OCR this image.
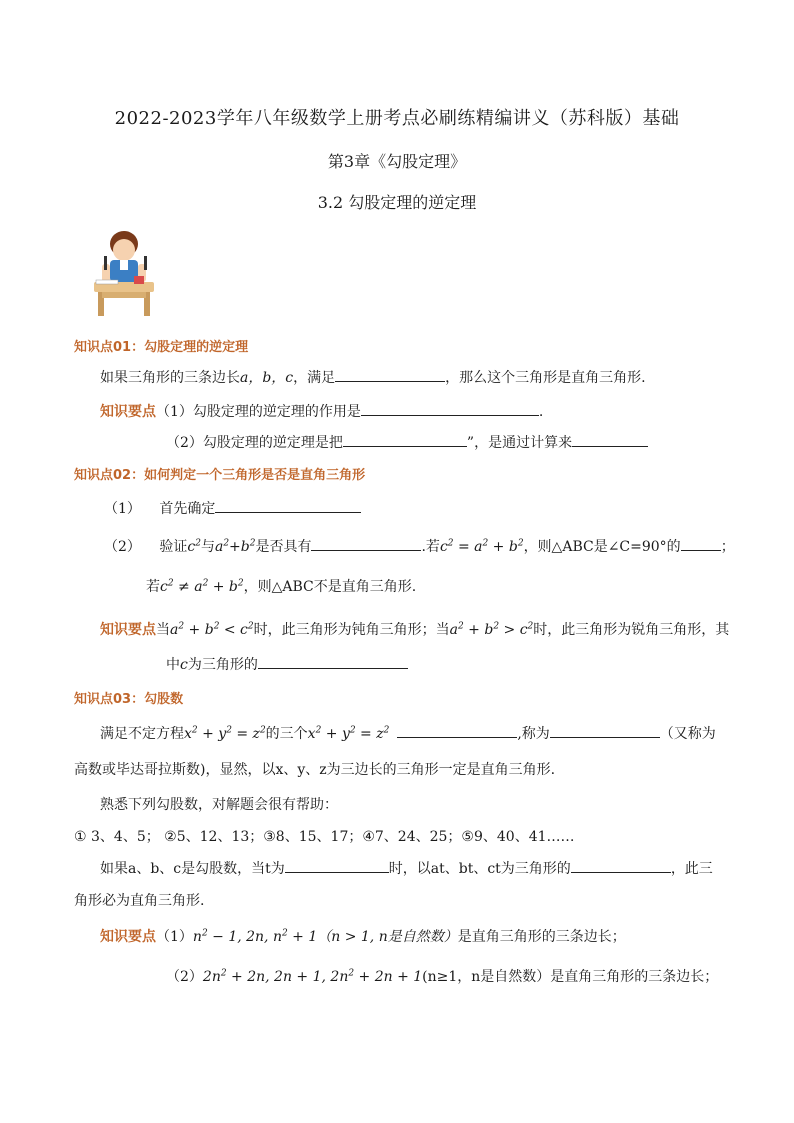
2022-2023学年八年级数学上册考点必刷练精编讲义（苏科版）基础
第3章《勾股定理》
3.2 勾股定理的逆定理
知识点01：勾股定理的逆定理
如果三角形的三条边长a，b，c，满足	，那么这个三角形是直角三角形.
知识要点（1）勾股定理的逆定理的作用是	.
（2）勾股定理的逆定理是把	”，是通过计算来
知识点02：如何判定一个三角形是否是直角三角形
（1） 首先确定
（2） 验证$c^2$与$a^2+b^2$是否具有	.若$c^2 = a^2 + b^2$，则△ABC是∠C=90°的	；
若$c^2 \ne a^2 + b^2$，则△ABC不是直角三角形.
知识要点当$a^2 + b^2 < c^2$时，此三角形为钝角三角形；当$a^2 + b^2 > c^2$时，此三角形为锐角三角形，其
中c为三角形的
知识点03：勾股数
满足不定方程$x^2 + y^2 = z^2$的三个$x^2 + y^2 = z^2$	,称为	（又称为
高数或毕达哥拉斯数)，显然，以x、y、z为三边长的三角形一定是直角三角形.
熟悉下列勾股数，对解题会很有帮助：
① 3、4、5； ②5、12、13；③8、15、17；④7、24、25；⑤9、40、41……
如果a、b、c是勾股数，当t为	时，以at、bt、ct为三角形的	，此三
角形必为直角三角形.
知识要点$(1)n^2 - 1$, 2n, $n^2 + 1(n > 1$, n是自然数）是直角三角形的三条边长；
$(2)2n^2 + 2n$, 2n + 1, $2n^2 + 2n + 1(n\ge 1$，n是自然数）是直角三角形的三条边长；
